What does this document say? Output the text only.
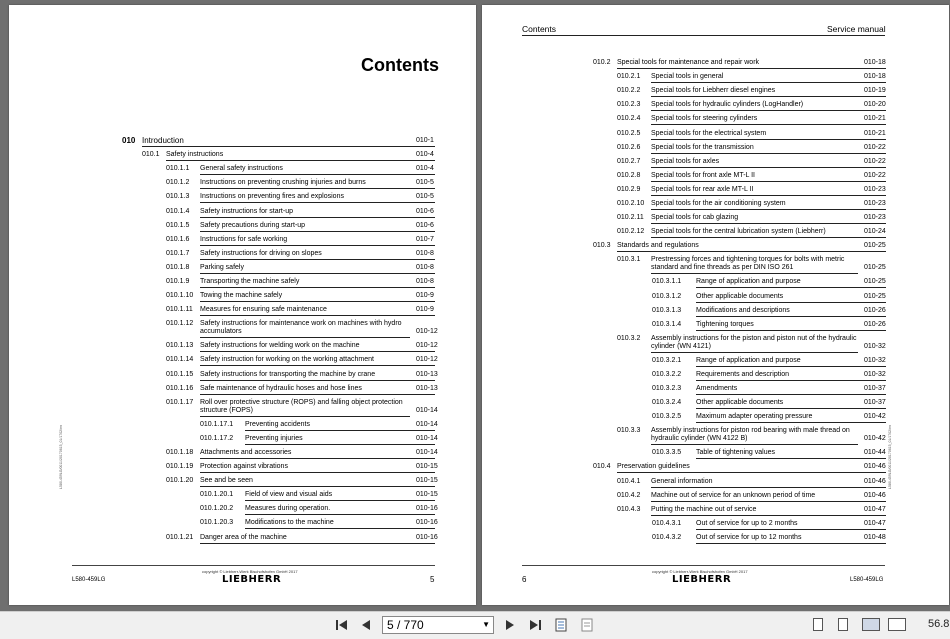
Contents
010 Introduction	010-1
010.1 Safety instructions	010-4
010.1.1 General safety instructions	010-4
010.1.2 Instructions on preventing crushing injuries and burns	010-5
010.1.3 Instructions on preventing fires and explosions	010-5
010.1.4 Safety instructions for start-up	010-6
010.1.5 Safety precautions during start-up	010-6
010.1.6 Instructions for safe working	010-7
010.1.7 Safety instructions for driving on slopes	010-8
010.1.8 Parking safely	010-8
010.1.9 Transporting the machine safely	010-8
010.1.10 Towing the machine safely	010-9
010.1.11 Measures for ensuring safe maintenance	010-9
010.1.12 Safety instructions for maintenance work on machines with hydro accumulators	010-12
010.1.13 Safety instructions for welding work on the machine	010-12
010.1.14 Safety instruction for working on the working attachment	010-12
010.1.15 Safety instructions for transporting the machine by crane	010-13
010.1.16 Safe maintenance of hydraulic hoses and hose lines	010-13
010.1.17 Roll over protective structure (ROPS) and falling object protection structure (FOPS)	010-14
010.1.17.1 Preventing accidents	010-14
010.1.17.2 Preventing injuries	010-14
010.1.18 Attachments and accessories	010-14
010.1.19 Protection against vibrations	010-15
010.1.20 See and be seen	010-15
010.1.20.1 Field of view and visual aids	010-15
010.1.20.2 Measures during operation.	010-16
010.1.20.3 Modifications to the machine	010-16
010.1.21 Danger area of the machine	010-16
L580-459LG/0011/20170615_01/1702/en
copyright © Liebherr-Werk Bischofshofen GmbH 2017
LIEBHERR
L580-459LG	5
Contents	Service manual
010.2 Special tools for maintenance and repair work	010-18
010.2.1 Special tools in general	010-18
010.2.2 Special tools for Liebherr diesel engines	010-19
010.2.3 Special tools for hydraulic cylinders (LogHandler)	010-20
010.2.4 Special tools for steering cylinders	010-21
010.2.5 Special tools for the electrical system	010-21
010.2.6 Special tools for the transmission	010-22
010.2.7 Special tools for axles	010-22
010.2.8 Special tools for front axle MT-L II	010-22
010.2.9 Special tools for rear axle MT-L II	010-23
010.2.10 Special tools for the air conditioning system	010-23
010.2.11 Special tools for cab glazing	010-23
010.2.12 Special tools for the central lubrication system (Liebherr)	010-24
010.3 Standards and regulations	010-25
010.3.1 Prestressing forces and tightening torques for bolts with metric standard and fine threads as per DIN ISO 261	010-25
010.3.1.1 Range of application and purpose	010-25
010.3.1.2 Other applicable documents	010-25
010.3.1.3 Modifications and descriptions	010-26
010.3.1.4 Tightening torques	010-26
010.3.2 Assembly instructions for the piston and piston nut of the hydraulic cylinder (WN 4121)	010-32
010.3.2.1 Range of application and purpose	010-32
010.3.2.2 Requirements and description	010-32
010.3.2.3 Amendments	010-37
010.3.2.4 Other applicable documents	010-37
010.3.2.5 Maximum adapter operating pressure	010-42
010.3.3 Assembly instructions for piston rod bearing with male thread on hydraulic cylinder (WN 4122 B)	010-42
010.3.3.5 Table of tightening values	010-44
010.4 Preservation guidelines	010-46
010.4.1 General information	010-46
010.4.2 Machine out of service for an unknown period of time	010-46
010.4.3 Putting the machine out of service	010-47
010.4.3.1 Out of service for up to 2 months	010-47
010.4.3.2 Out of service for up to 12 months	010-48
L580-459LG/0011/20170615_01/1702/en
copyright © Liebherr-Werk Bischofshofen GmbH 2017
LIEBHERR
6	L580-459LG
5 / 770	▼	56.8
